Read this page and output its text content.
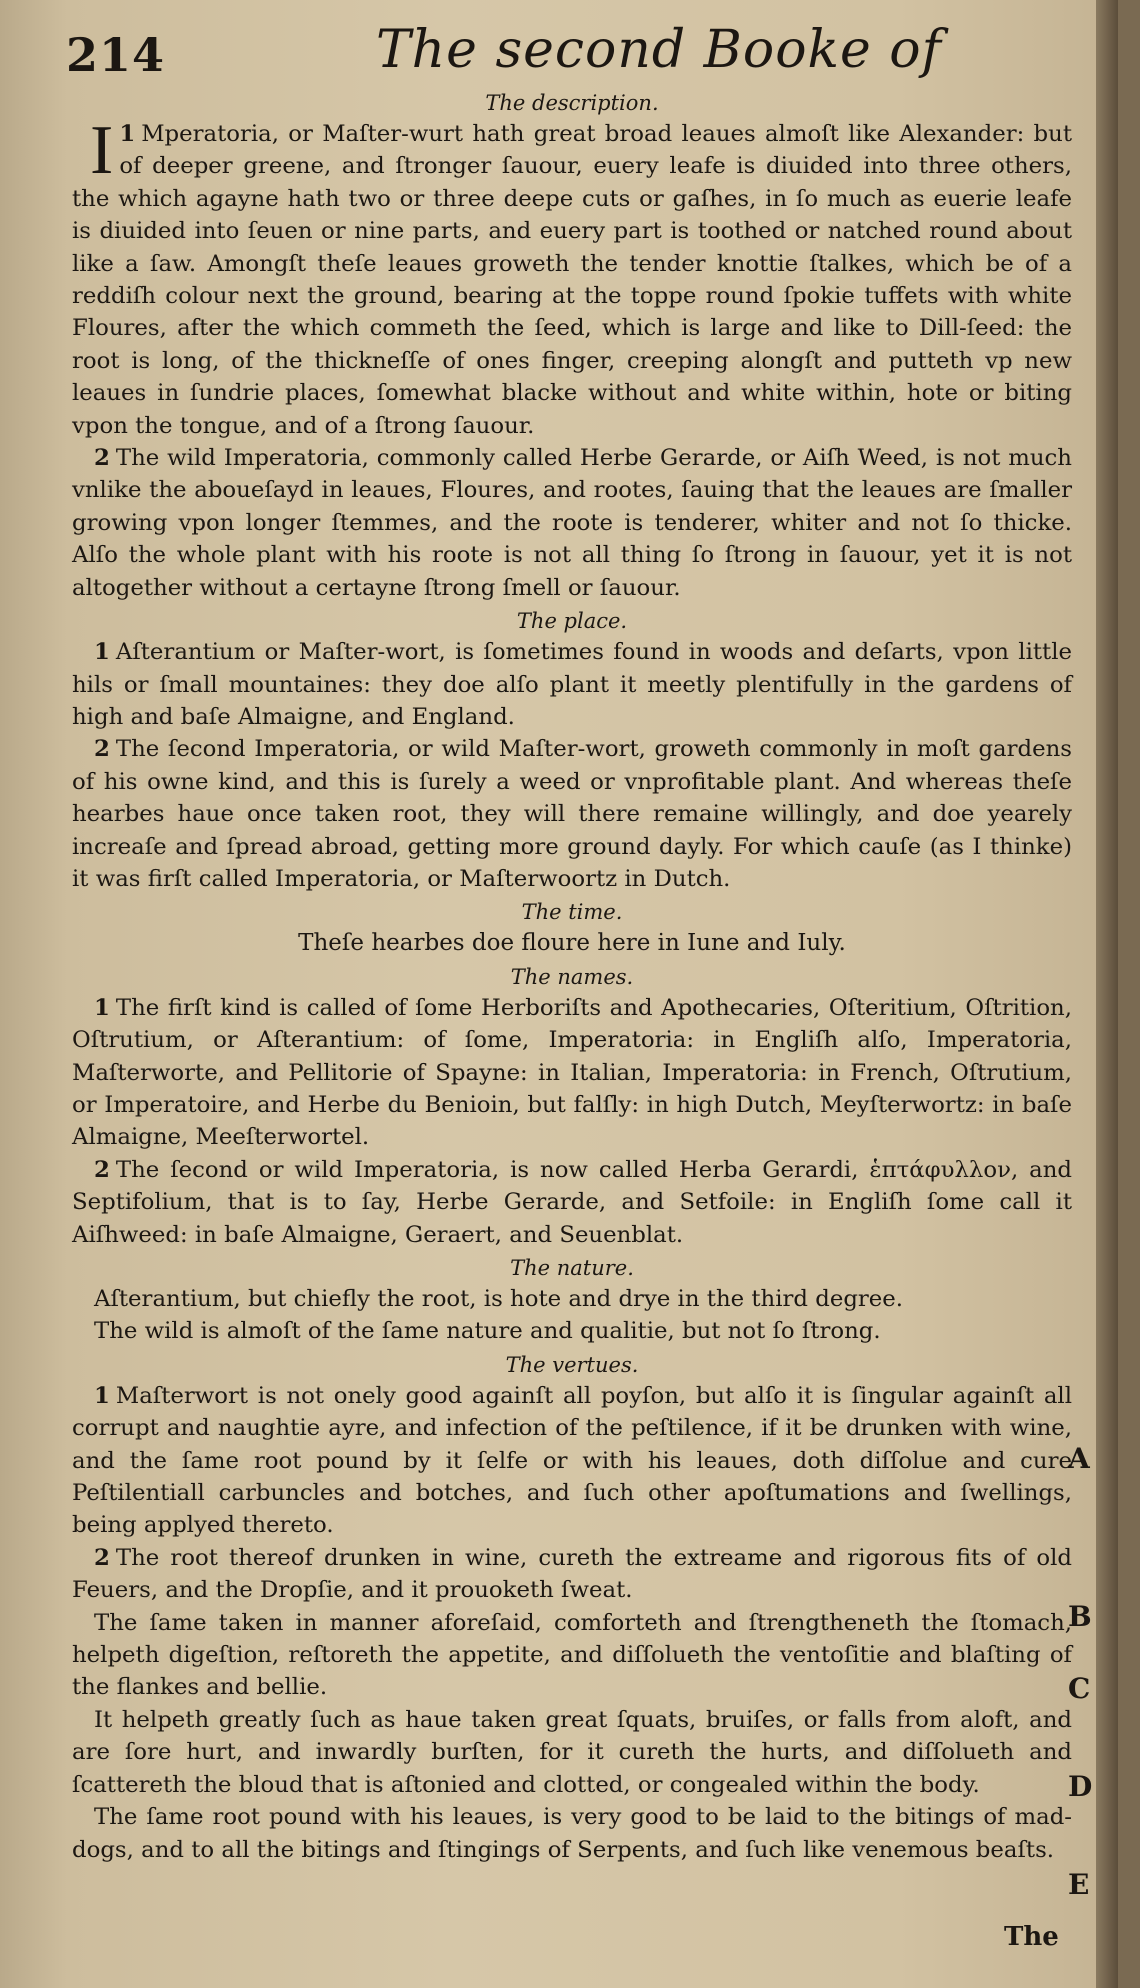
214	The second Booke of
The description.

1
I Mperatoria, or Maſter-wurt hath great broad leaues almoſt like Alexander: but of deeper greene, and ſtronger ſauour, euery leafe is diuided into three others, the which agayne hath two or three deepe cuts or gaſhes, in ſo much as euerie leafe is diuided into ſeuen or nine parts, and euery part is toothed or natched round about like a ſaw. Amongſt theſe leaues groweth the tender knottie ſtalkes, which be of a reddiſh colour next the ground, bearing at the toppe round ſpokie tuffets with white Floures, after the which commeth the ſeed, which is large and like to Dill-ſeed: the root is long, of the thickneſſe of ones finger, creeping alongſt and putteth vp new leaues in ſundrie places, ſomewhat blacke without and white within, hote or biting vpon the tongue, and of a ſtrong ſauour.

2 The wild Imperatoria, commonly called Herbe Gerarde, or Aiſh Weed, is not much vnlike the aboueſayd in leaues, Floures, and rootes, ſauing that the leaues are ſmaller growing vpon longer ſtemmes, and the roote is tenderer, whiter and not ſo thicke. Alſo the whole plant with his roote is not all thing ſo ſtrong in ſauour, yet it is not altogether without a certayne ſtrong ſmell or ſauour.

The place.

1 Aſterantium or Maſter-wort, is ſometimes found in woods and deſarts, vpon little hils or ſmall mountaines: they doe alſo plant it meetly plentifully in the gardens of high and baſe Almaigne, and England.

2 The ſecond Imperatoria, or wild Maſter-wort, groweth commonly in moſt gardens of his owne kind, and this is ſurely a weed or vnprofitable plant. And whereas theſe hearbes haue once taken root, they will there remaine willingly, and doe yearely increaſe and ſpread abroad, getting more ground dayly. For which cauſe (as I thinke) it was firſt called Imperatoria, or Maſterwoortz in Dutch.

The time.

Theſe hearbes doe floure here in Iune and Iuly.

The names.

1 The firſt kind is called of ſome Herboriſts and Apothecaries, Oſteritium, Oſtrition, Oſtrutium, or Aſterantium: of ſome, Imperatoria: in Engliſh alſo, Imperatoria, Maſterworte, and Pellitorie of Spayne: in Italian, Imperatoria: in French, Oſtrutium, or Imperatoire, and Herbe du Benioin, but falſly: in high Dutch, Meyſterwortz: in baſe Almaigne, Meeſterwortel.

2 The ſecond or wild Imperatoria, is now called Herba Gerardi, ἑπτάφυλλον, and Septifolium, that is to ſay, Herbe Gerarde, and Setfoile: in Engliſh ſome call it Aiſhweed: in baſe Almaigne, Geraert, and Seuenblat.

The nature.

Aſterantium, but chiefly the root, is hote and drye in the third degree.

The wild is almoſt of the ſame nature and qualitie, but not ſo ſtrong.

The vertues.

1 Maſterwort is not onely good againſt all poyſon, but alſo it is ſingular againſt all corrupt and naughtie ayre, and infection of the peſtilence, if it be drunken with wine, and the ſame root pound by it ſelfe or with his leaues, doth diſſolue and cure Peſtilentiall carbuncles and botches, and ſuch other apoſtumations and ſwellings, being applyed thereto.

2 The root thereof drunken in wine, cureth the extreame and rigorous fits of old Feuers, and the Dropſie, and it prouoketh ſweat.

The ſame taken in manner aforeſaid, comforteth and ſtrengtheneth the ſtomach, helpeth digeſtion, reſtoreth the appetite, and diſſolueth the ventoſitie and blaſting of the flankes and bellie.

It helpeth greatly ſuch as haue taken great ſquats, bruiſes, or falls from aloft, and are ſore hurt, and inwardly burſten, for it cureth the hurts, and diſſolueth and ſcattereth the bloud that is aſtonied and clotted, or congealed within the body.

The ſame root pound with his leaues, is very good to be laid to the bitings of mad-dogs, and to all the bitings and ſtingings of Serpents, and ſuch like venemous beaſts.

A
B
C
D
E
The
